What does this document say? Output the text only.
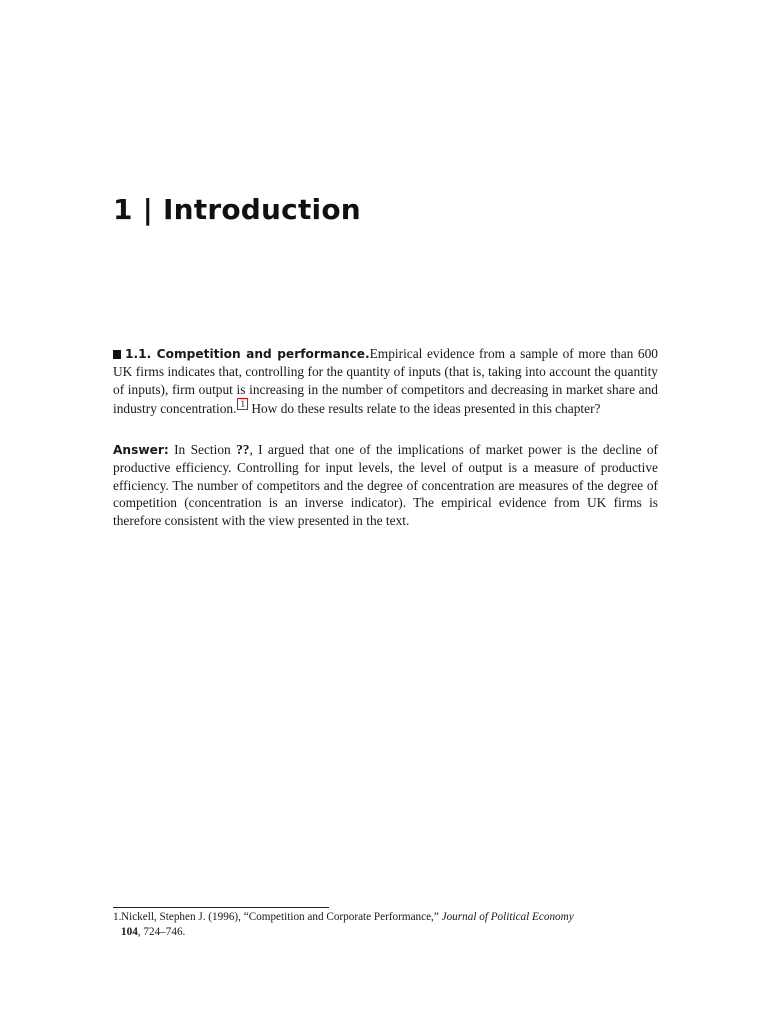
1 | Introduction

1.1. Competition and performance.Empirical evidence from a sample of more than 600 UK firms indicates that, controlling for the quantity of inputs (that is, taking into account the quantity of inputs), firm output is increasing in the number of competitors and decreasing in market share and industry concentration. 1 How do these results relate to the ideas presented in this chapter?

Answer: In Section ??, I argued that one of the implications of market power is the decline of productive efficiency. Controlling for input levels, the level of output is a measure of productive efficiency. The number of competitors and the degree of concentration are measures of the degree of competition (concentration is an inverse indicator). The empirical evidence from UK firms is therefore consistent with the view presented in the text.

1.Nickell, Stephen J. (1996), “Competition and Corporate Performance,” Journal of Political Economy
104, 724–746.
